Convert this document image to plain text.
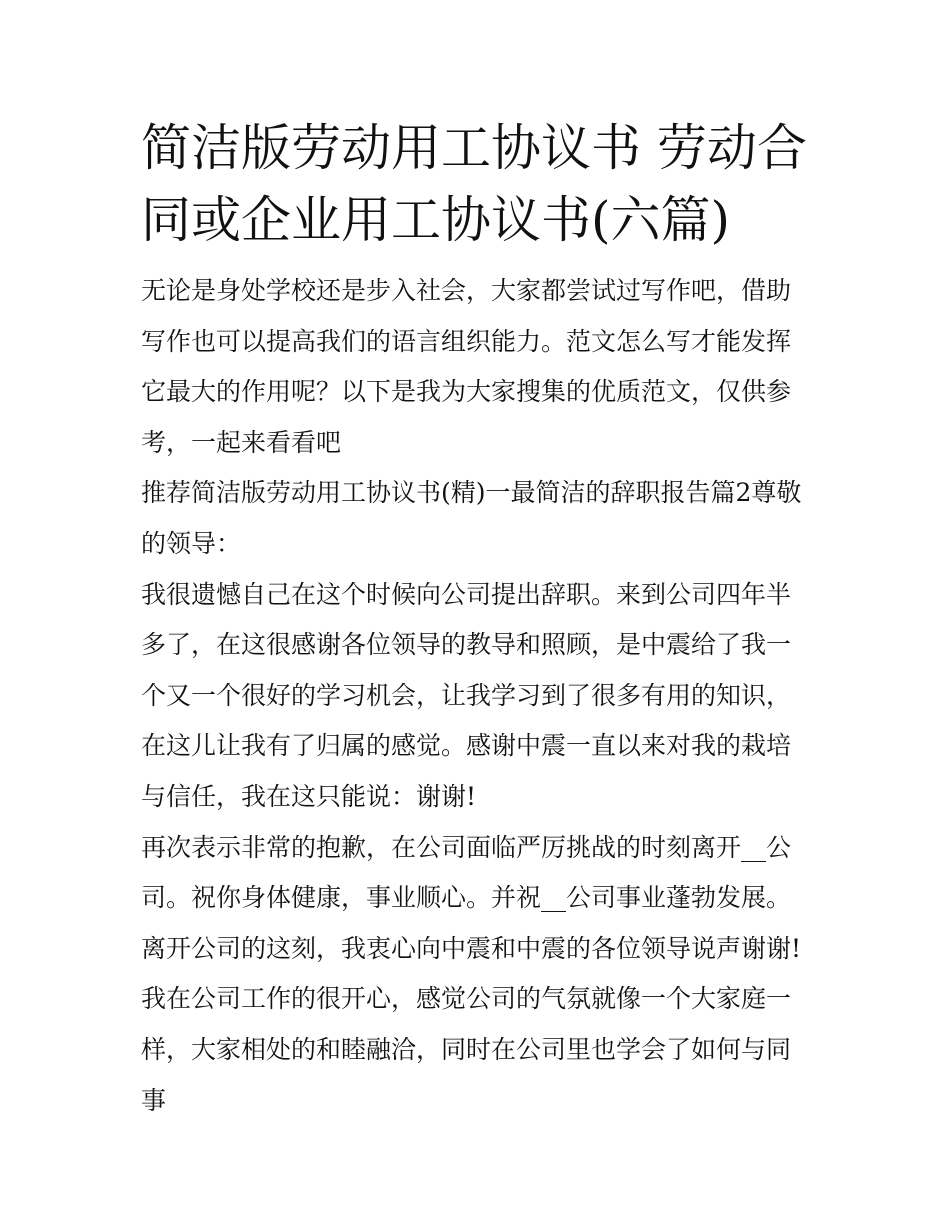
简洁版劳动用工协议书 劳动合同或企业用工协议书(六篇)

无论是身处学校还是步入社会，大家都尝试过写作吧，借助写作也可以提高我们的语言组织能力。范文怎么写才能发挥它最大的作用呢？以下是我为大家搜集的优质范文，仅供参考，一起来看看吧

推荐简洁版劳动用工协议书(精)一最简洁的辞职报告篇2尊敬的领导：

我很遗憾自己在这个时候向公司提出辞职。来到公司四年半多了，在这很感谢各位领导的教导和照顾，是中震给了我一个又一个很好的学习机会，让我学习到了很多有用的知识，在这儿让我有了归属的感觉。感谢中震一直以来对我的栽培与信任，我在这只能说：谢谢!

再次表示非常的抱歉，在公司面临严厉挑战的时刻离开__公司。祝你身体健康，事业顺心。并祝__公司事业蓬勃发展。

离开公司的这刻，我衷心向中震和中震的各位领导说声谢谢!

我在公司工作的很开心，感觉公司的气氛就像一个大家庭一样，大家相处的和睦融洽，同时在公司里也学会了如何与同事
